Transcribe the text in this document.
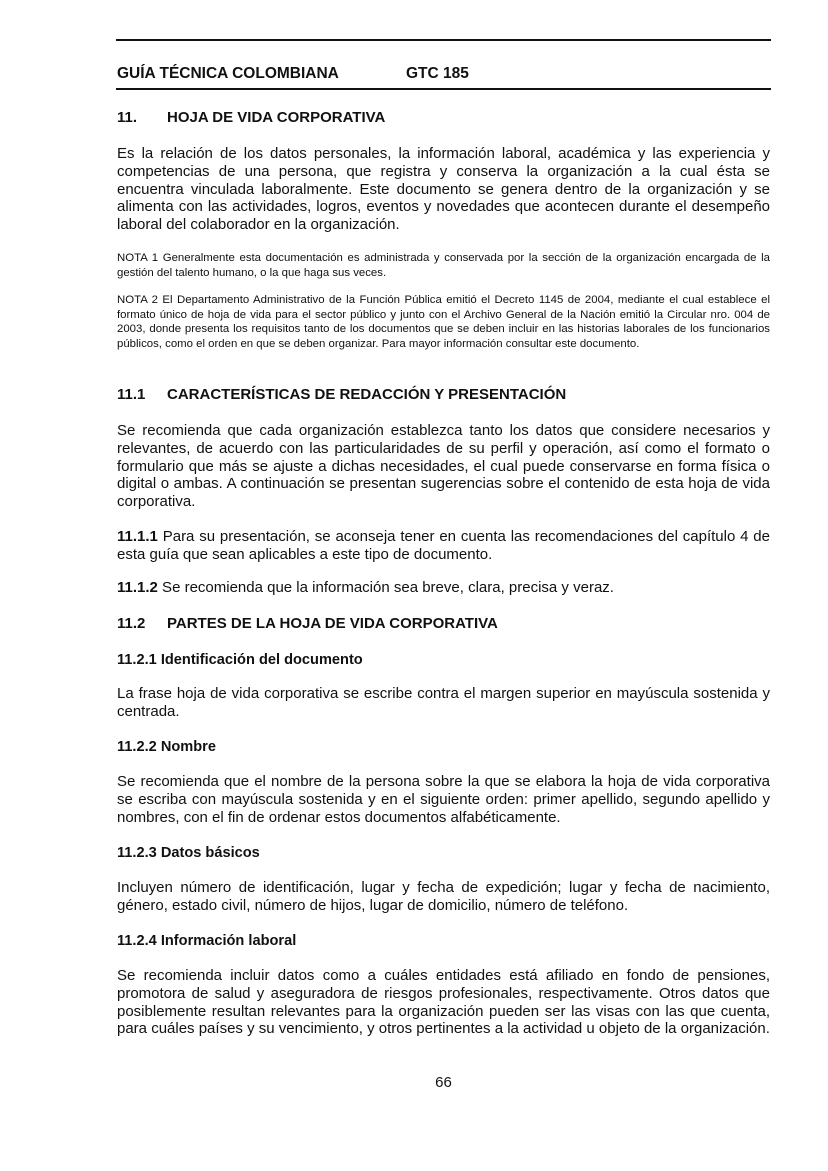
GUÍA TÉCNICA COLOMBIANA	GTC 185
11. HOJA DE VIDA CORPORATIVA
Es la relación de los datos personales, la información laboral, académica y las experiencia y competencias de una persona, que registra y conserva la organización a la cual ésta se encuentra vinculada laboralmente. Este documento se genera dentro de la organización y se alimenta con las actividades, logros, eventos y novedades que acontecen durante el desempeño laboral del colaborador en la organización.
NOTA 1 Generalmente esta documentación es administrada y conservada por la sección de la organización encargada de la gestión del talento humano, o la que haga sus veces.
NOTA 2 El Departamento Administrativo de la Función Pública emitió el Decreto 1145 de 2004, mediante el cual establece el formato único de hoja de vida para el sector público y junto con el Archivo General de la Nación emitió la Circular nro. 004 de 2003, donde presenta los requisitos tanto de los documentos que se deben incluir en las historias laborales de los funcionarios públicos, como el orden en que se deben organizar. Para mayor información consultar este documento.
11.1 CARACTERÍSTICAS DE REDACCIÓN Y PRESENTACIÓN
Se recomienda que cada organización establezca tanto los datos que considere necesarios y relevantes, de acuerdo con las particularidades de su perfil y operación, así como el formato o formulario que más se ajuste a dichas necesidades, el cual puede conservarse en forma física o digital o ambas. A continuación se presentan sugerencias sobre el contenido de esta hoja de vida corporativa.
11.1.1 Para su presentación, se aconseja tener en cuenta las recomendaciones del capítulo 4 de esta guía que sean aplicables a este tipo de documento.
11.1.2 Se recomienda que la información sea breve, clara, precisa y veraz.
11.2 PARTES DE LA HOJA DE VIDA CORPORATIVA
11.2.1 Identificación del documento
La frase hoja de vida corporativa se escribe contra el margen superior en mayúscula sostenida y centrada.
11.2.2 Nombre
Se recomienda que el nombre de la persona sobre la que se elabora la hoja de vida corporativa se escriba con mayúscula sostenida y en el siguiente orden: primer apellido, segundo apellido y nombres, con el fin de ordenar estos documentos alfabéticamente.
11.2.3 Datos básicos
Incluyen número de identificación, lugar y fecha de expedición; lugar y fecha de nacimiento, género, estado civil, número de hijos, lugar de domicilio, número de teléfono.
11.2.4 Información laboral
Se recomienda incluir datos como a cuáles entidades está afiliado en fondo de pensiones, promotora de salud y aseguradora de riesgos profesionales, respectivamente. Otros datos que posiblemente resultan relevantes para la organización pueden ser las visas con las que cuenta, para cuáles países y su vencimiento, y otros pertinentes a la actividad u objeto de la organización.
66
